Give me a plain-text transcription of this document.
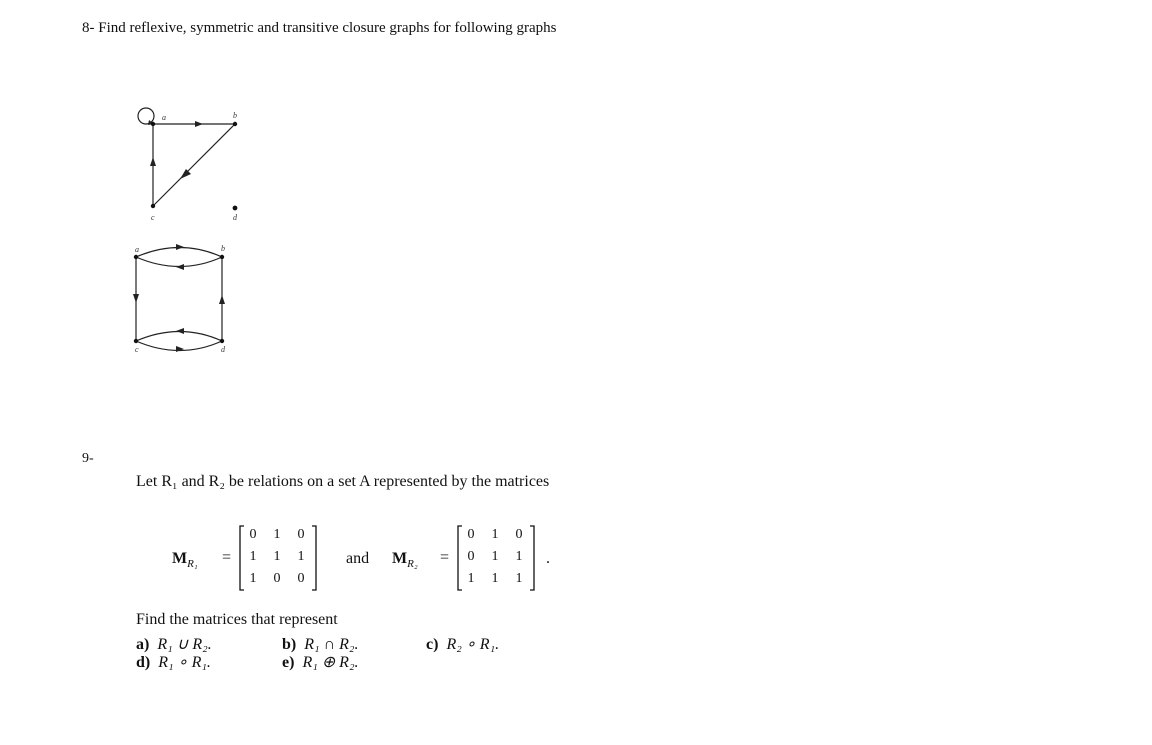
8- Find reflexive, symmetric and transitive closure graphs for following graphs
a	b
c	d
a	b
c	d
9-
Let R₁ and R₂ be relations on a set A represented by the matrices
$M_{R_1}$ =
0	1	0
1	1	1
1	0	0
and $M_{R_2}$ =
0	1	0
0	1	1
1	1	1
.
Find the matrices that represent
a) R₁ ∪ R₂.	b) R₁ ∩ R₂.	c) R₂ ∘ R₁.
d) R₁ ∘ R₁.	e) R₁ ⊕ R₂.
